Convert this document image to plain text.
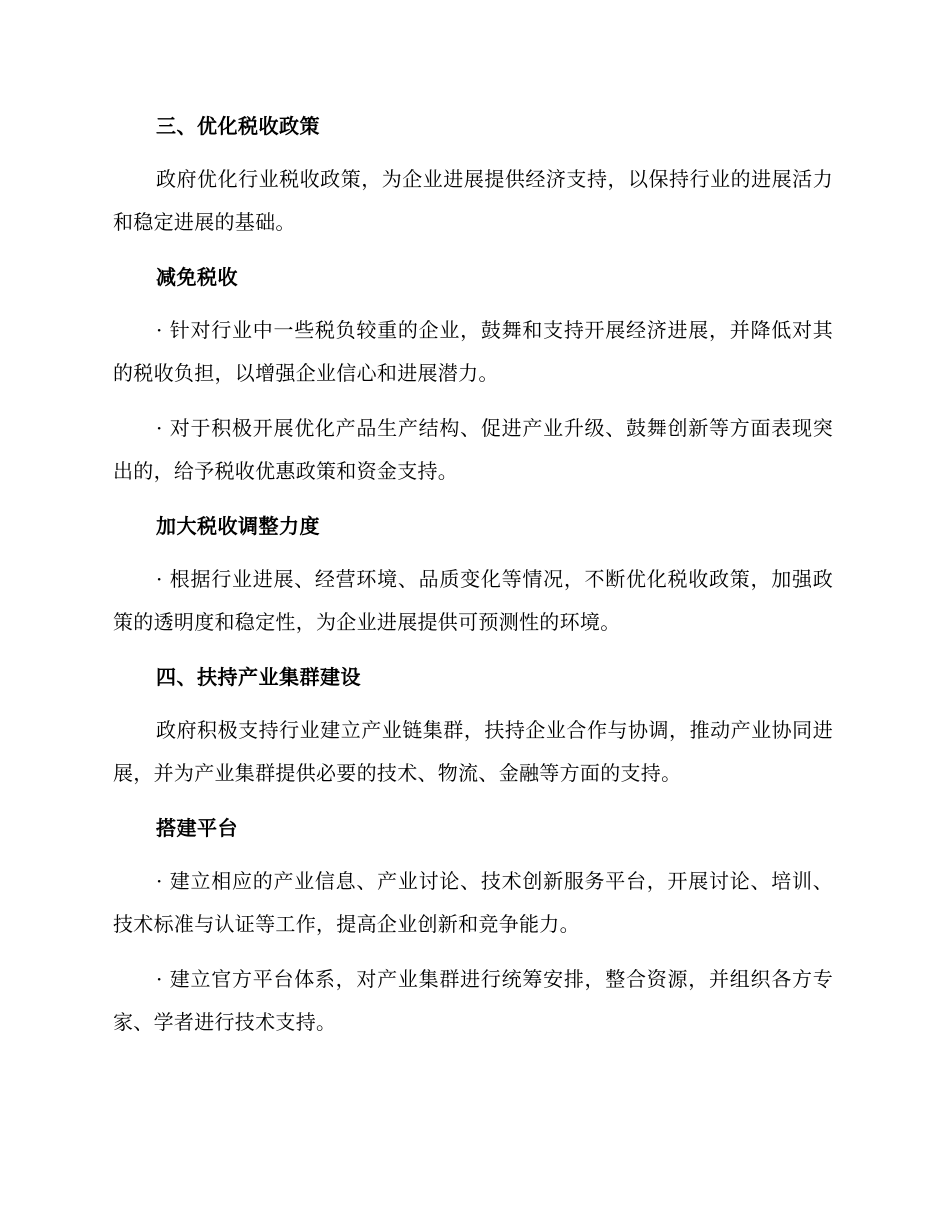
三、优化税收政策

政府优化行业税收政策，为企业进展提供经济支持，以保持行业的进展活力和稳定进展的基础。

减免税收

· 针对行业中一些税负较重的企业，鼓舞和支持开展经济进展，并降低对其的税收负担，以增强企业信心和进展潜力。

· 对于积极开展优化产品生产结构、促进产业升级、鼓舞创新等方面表现突出的，给予税收优惠政策和资金支持。

加大税收调整力度

· 根据行业进展、经营环境、品质变化等情况，不断优化税收政策，加强政策的透明度和稳定性，为企业进展提供可预测性的环境。

四、扶持产业集群建设

政府积极支持行业建立产业链集群，扶持企业合作与协调，推动产业协同进展，并为产业集群提供必要的技术、物流、金融等方面的支持。

搭建平台

· 建立相应的产业信息、产业讨论、技术创新服务平台，开展讨论、培训、技术标准与认证等工作，提高企业创新和竞争能力。

· 建立官方平台体系，对产业集群进行统筹安排，整合资源，并组织各方专家、学者进行技术支持。
